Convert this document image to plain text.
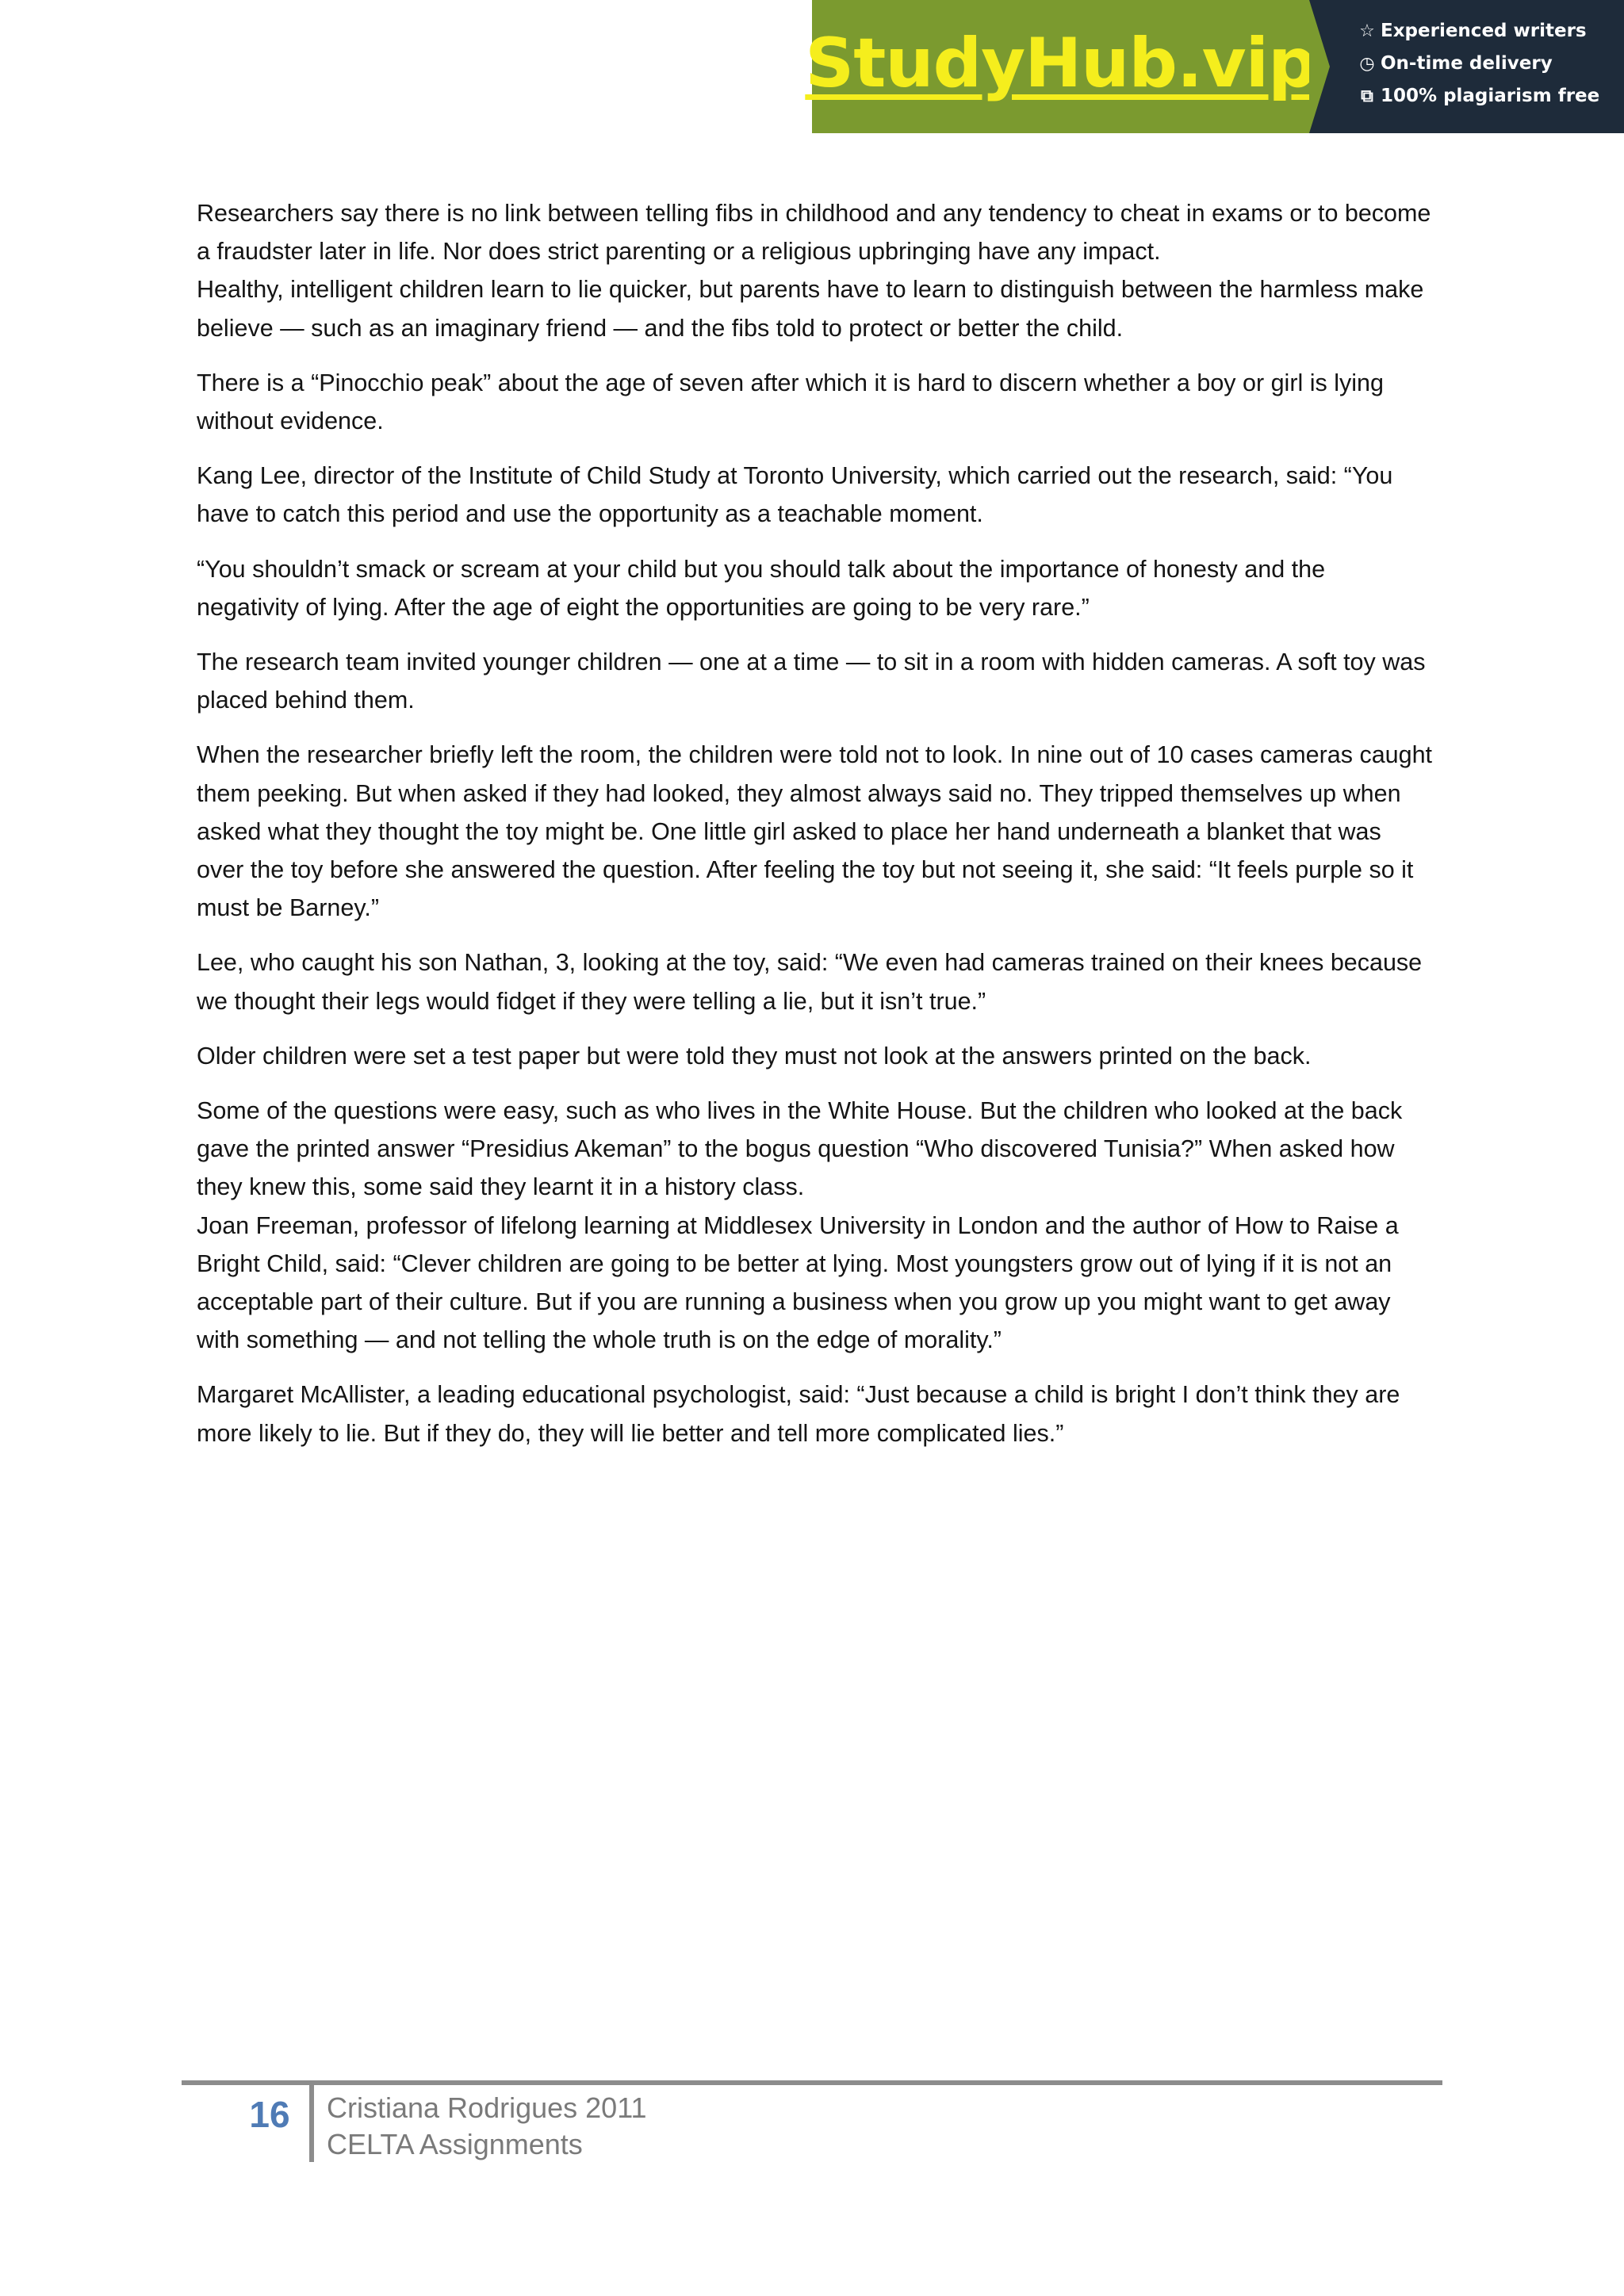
StudyHub.vip ☆ Experienced writers
◷ On-time delivery
⧉ 100% plagiarism free

Researchers say there is no link between telling fibs in childhood and any tendency to cheat in exams or to become a fraudster later in life. Nor does strict parenting or a religious upbringing have any impact.
Healthy, intelligent children learn to lie quicker, but parents have to learn to distinguish between the harmless make believe — such as an imaginary friend — and the fibs told to protect or better the child.

There is a “Pinocchio peak” about the age of seven after which it is hard to discern whether a boy or girl is lying without evidence.

Kang Lee, director of the Institute of Child Study at Toronto University, which carried out the research, said: “You have to catch this period and use the opportunity as a teachable moment.

“You shouldn’t smack or scream at your child but you should talk about the importance of honesty and the negativity of lying. After the age of eight the opportunities are going to be very rare.”

The research team invited younger children — one at a time — to sit in a room with hidden cameras. A soft toy was placed behind them.

When the researcher briefly left the room, the children were told not to look. In nine out of 10 cases cameras caught them peeking. But when asked if they had looked, they almost always said no. They tripped themselves up when asked what they thought the toy might be. One little girl asked to place her hand underneath a blanket that was over the toy before she answered the question. After feeling the toy but not seeing it, she said: “It feels purple so it must be Barney.”

Lee, who caught his son Nathan, 3, looking at the toy, said: “We even had cameras trained on their knees because we thought their legs would fidget if they were telling a lie, but it isn’t true.”

Older children were set a test paper but were told they must not look at the answers printed on the back.

Some of the questions were easy, such as who lives in the White House. But the children who looked at the back gave the printed answer “Presidius Akeman” to the bogus question “Who discovered Tunisia?” When asked how they knew this, some said they learnt it in a history class.
Joan Freeman, professor of lifelong learning at Middlesex University in London and the author of How to Raise a Bright Child, said: “Clever children are going to be better at lying. Most youngsters grow out of lying if it is not an acceptable part of their culture. But if you are running a business when you grow up you might want to get away with something — and not telling the whole truth is on the edge of morality.”

Margaret McAllister, a leading educational psychologist, said: “Just because a child is bright I don’t think they are more likely to lie. But if they do, they will lie better and tell more complicated lies.”

16	Cristiana Rodrigues 2011
CELTA Assignments
